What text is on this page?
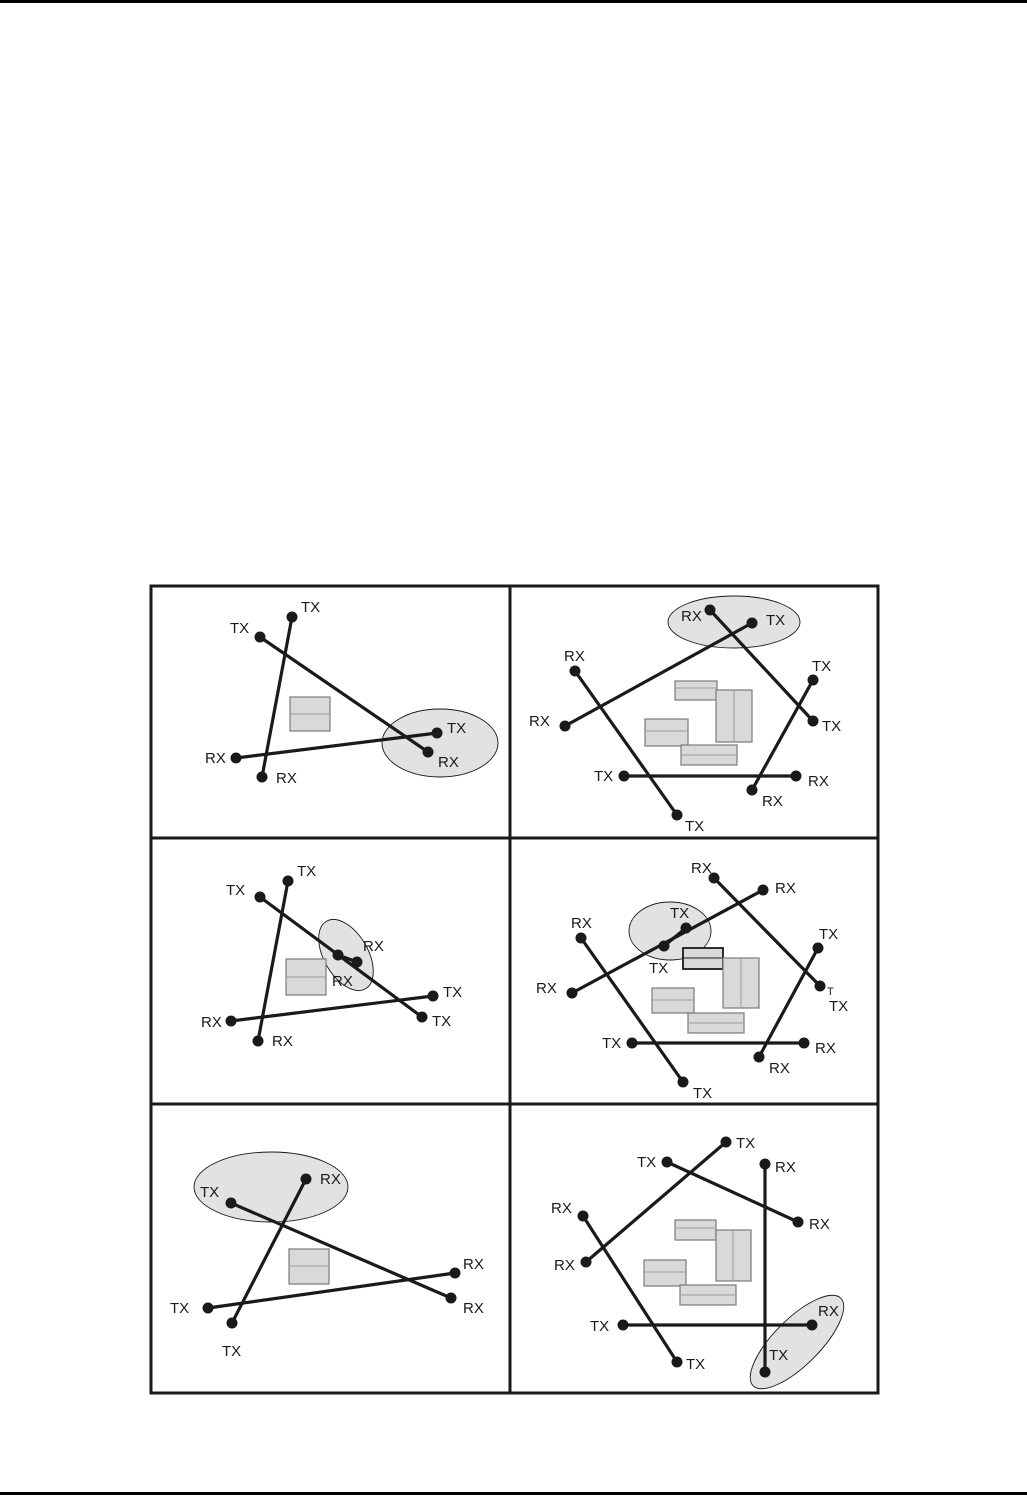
TX
TX
TX
RX
RX
RX
RX	TX
RX
TX
RX	TX
TX	RX
RX
TX
TX
TX
RX
RX
TX
RX	TX
RX
RX
RX
RX
TX
TX
TX
RX	T
TX
TX	RX
RX
TX
RX
TX
RX
RX
TX
TX
TX
TX	RX
RX
RX
RX
RX
TX
TX
TX
